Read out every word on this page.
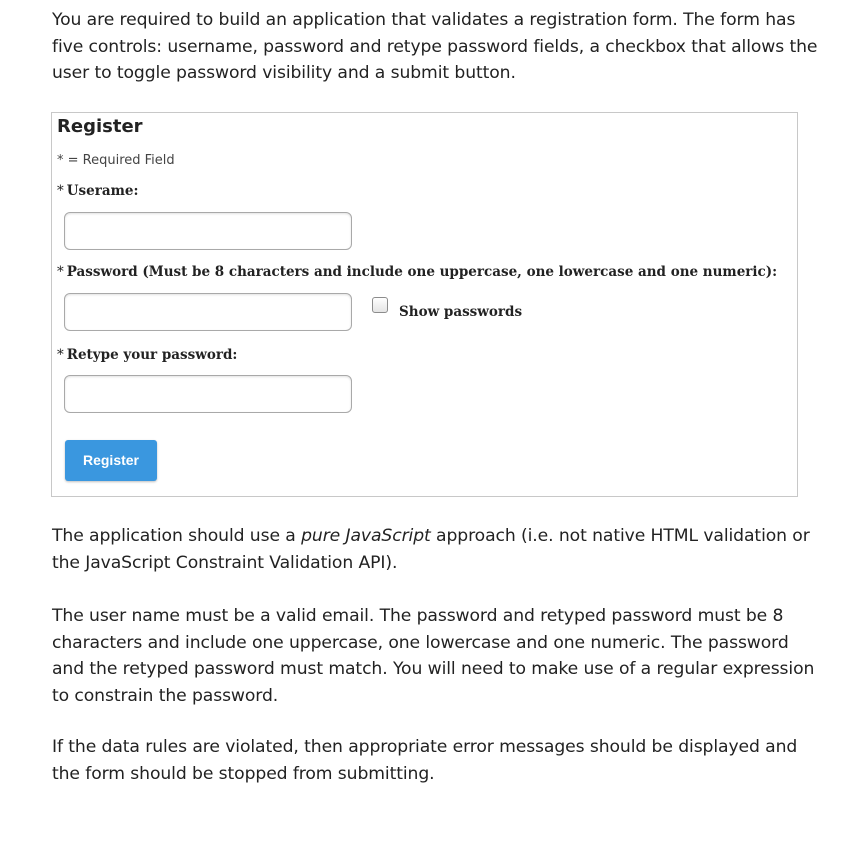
You are required to build an application that validates a registration form. The form has five controls: username, password and retype password fields, a checkbox that allows the user to toggle password visibility and a submit button.

Register
* = Required Field
* Userame:
* Password (Must be 8 characters and include one uppercase, one lowercase and one numeric):
Show passwords
* Retype your password:
Register

The application should use a pure JavaScript approach (i.e. not native HTML validation or the JavaScript Constraint Validation API).

The user name must be a valid email. The password and retyped password must be 8 characters and include one uppercase, one lowercase and one numeric. The password and the retyped password must match. You will need to make use of a regular expression to constrain the password.

If the data rules are violated, then appropriate error messages should be displayed and the form should be stopped from submitting.
